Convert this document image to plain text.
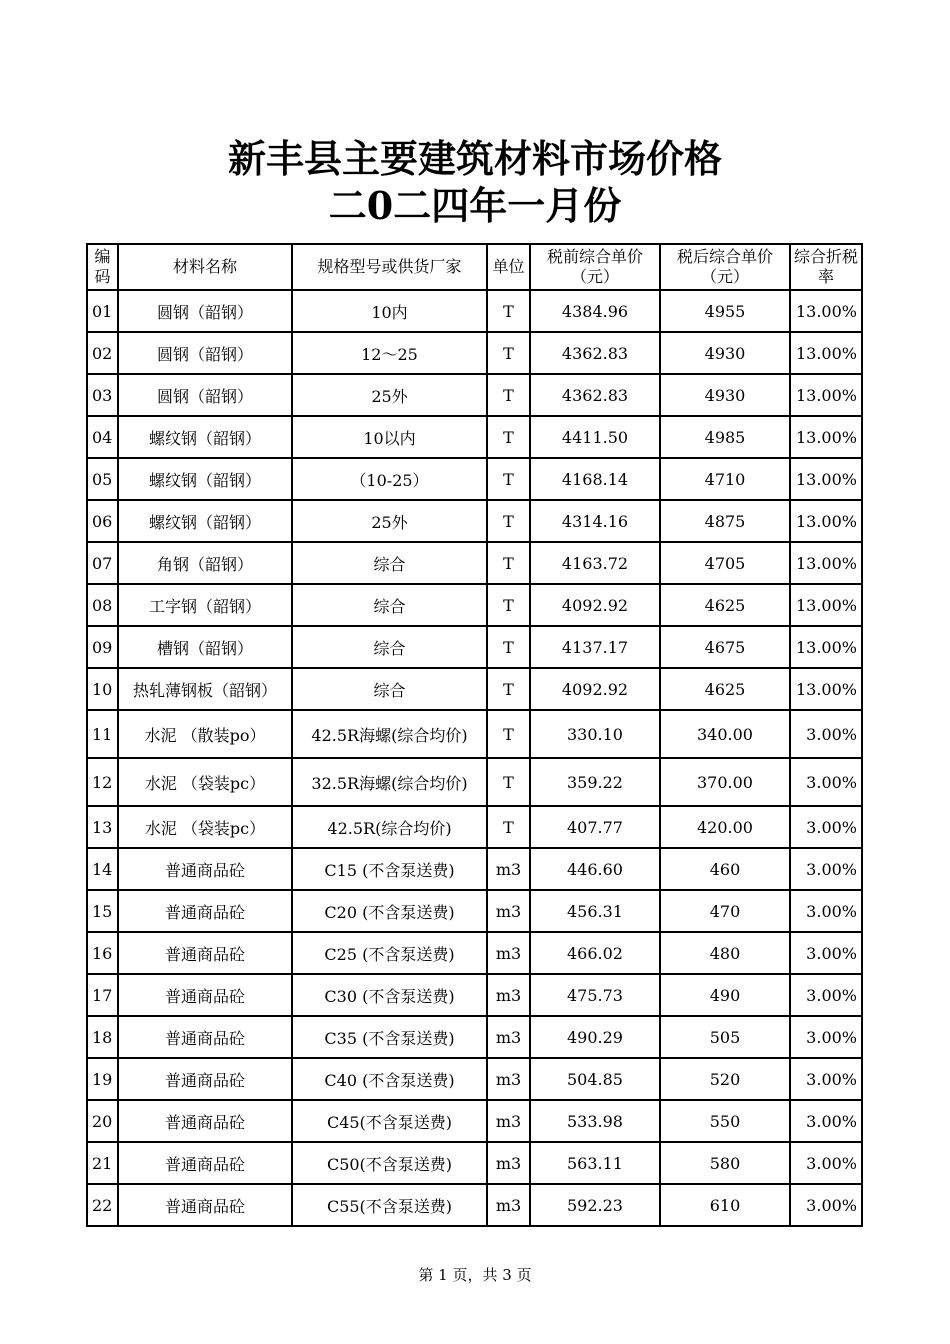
新丰县主要建筑材料市场价格
二0二四年一月份
编码	材料名称	规格型号或供货厂家	单位	税前综合单价（元）	税后综合单价（元）	综合折税率
01	圆钢（韶钢）	10内	T	4384.96	4955	13.00%
02	圆钢（韶钢）	12～25	T	4362.83	4930	13.00%
03	圆钢（韶钢）	25外	T	4362.83	4930	13.00%
04	螺纹钢（韶钢）	10以内	T	4411.50	4985	13.00%
05	螺纹钢（韶钢）	（10-25）	T	4168.14	4710	13.00%
06	螺纹钢（韶钢）	25外	T	4314.16	4875	13.00%
07	角钢（韶钢）	综合	T	4163.72	4705	13.00%
08	工字钢（韶钢）	综合	T	4092.92	4625	13.00%
09	槽钢（韶钢）	综合	T	4137.17	4675	13.00%
10	热轧薄钢板（韶钢）	综合	T	4092.92	4625	13.00%
11	水泥 （散装po）	42.5R海螺(综合均价)	T	330.10	340.00	3.00%
12	水泥 （袋装pc）	32.5R海螺(综合均价)	T	359.22	370.00	3.00%
13	水泥 （袋装pc）	42.5R(综合均价)	T	407.77	420.00	3.00%
14	普通商品砼	C15 (不含泵送费)	m3	446.60	460	3.00%
15	普通商品砼	C20 (不含泵送费)	m3	456.31	470	3.00%
16	普通商品砼	C25 (不含泵送费)	m3	466.02	480	3.00%
17	普通商品砼	C30 (不含泵送费)	m3	475.73	490	3.00%
18	普通商品砼	C35 (不含泵送费)	m3	490.29	505	3.00%
19	普通商品砼	C40 (不含泵送费)	m3	504.85	520	3.00%
20	普通商品砼	C45(不含泵送费)	m3	533.98	550	3.00%
21	普通商品砼	C50(不含泵送费)	m3	563.11	580	3.00%
22	普通商品砼	C55(不含泵送费)	m3	592.23	610	3.00%
第 1 页，共 3 页
